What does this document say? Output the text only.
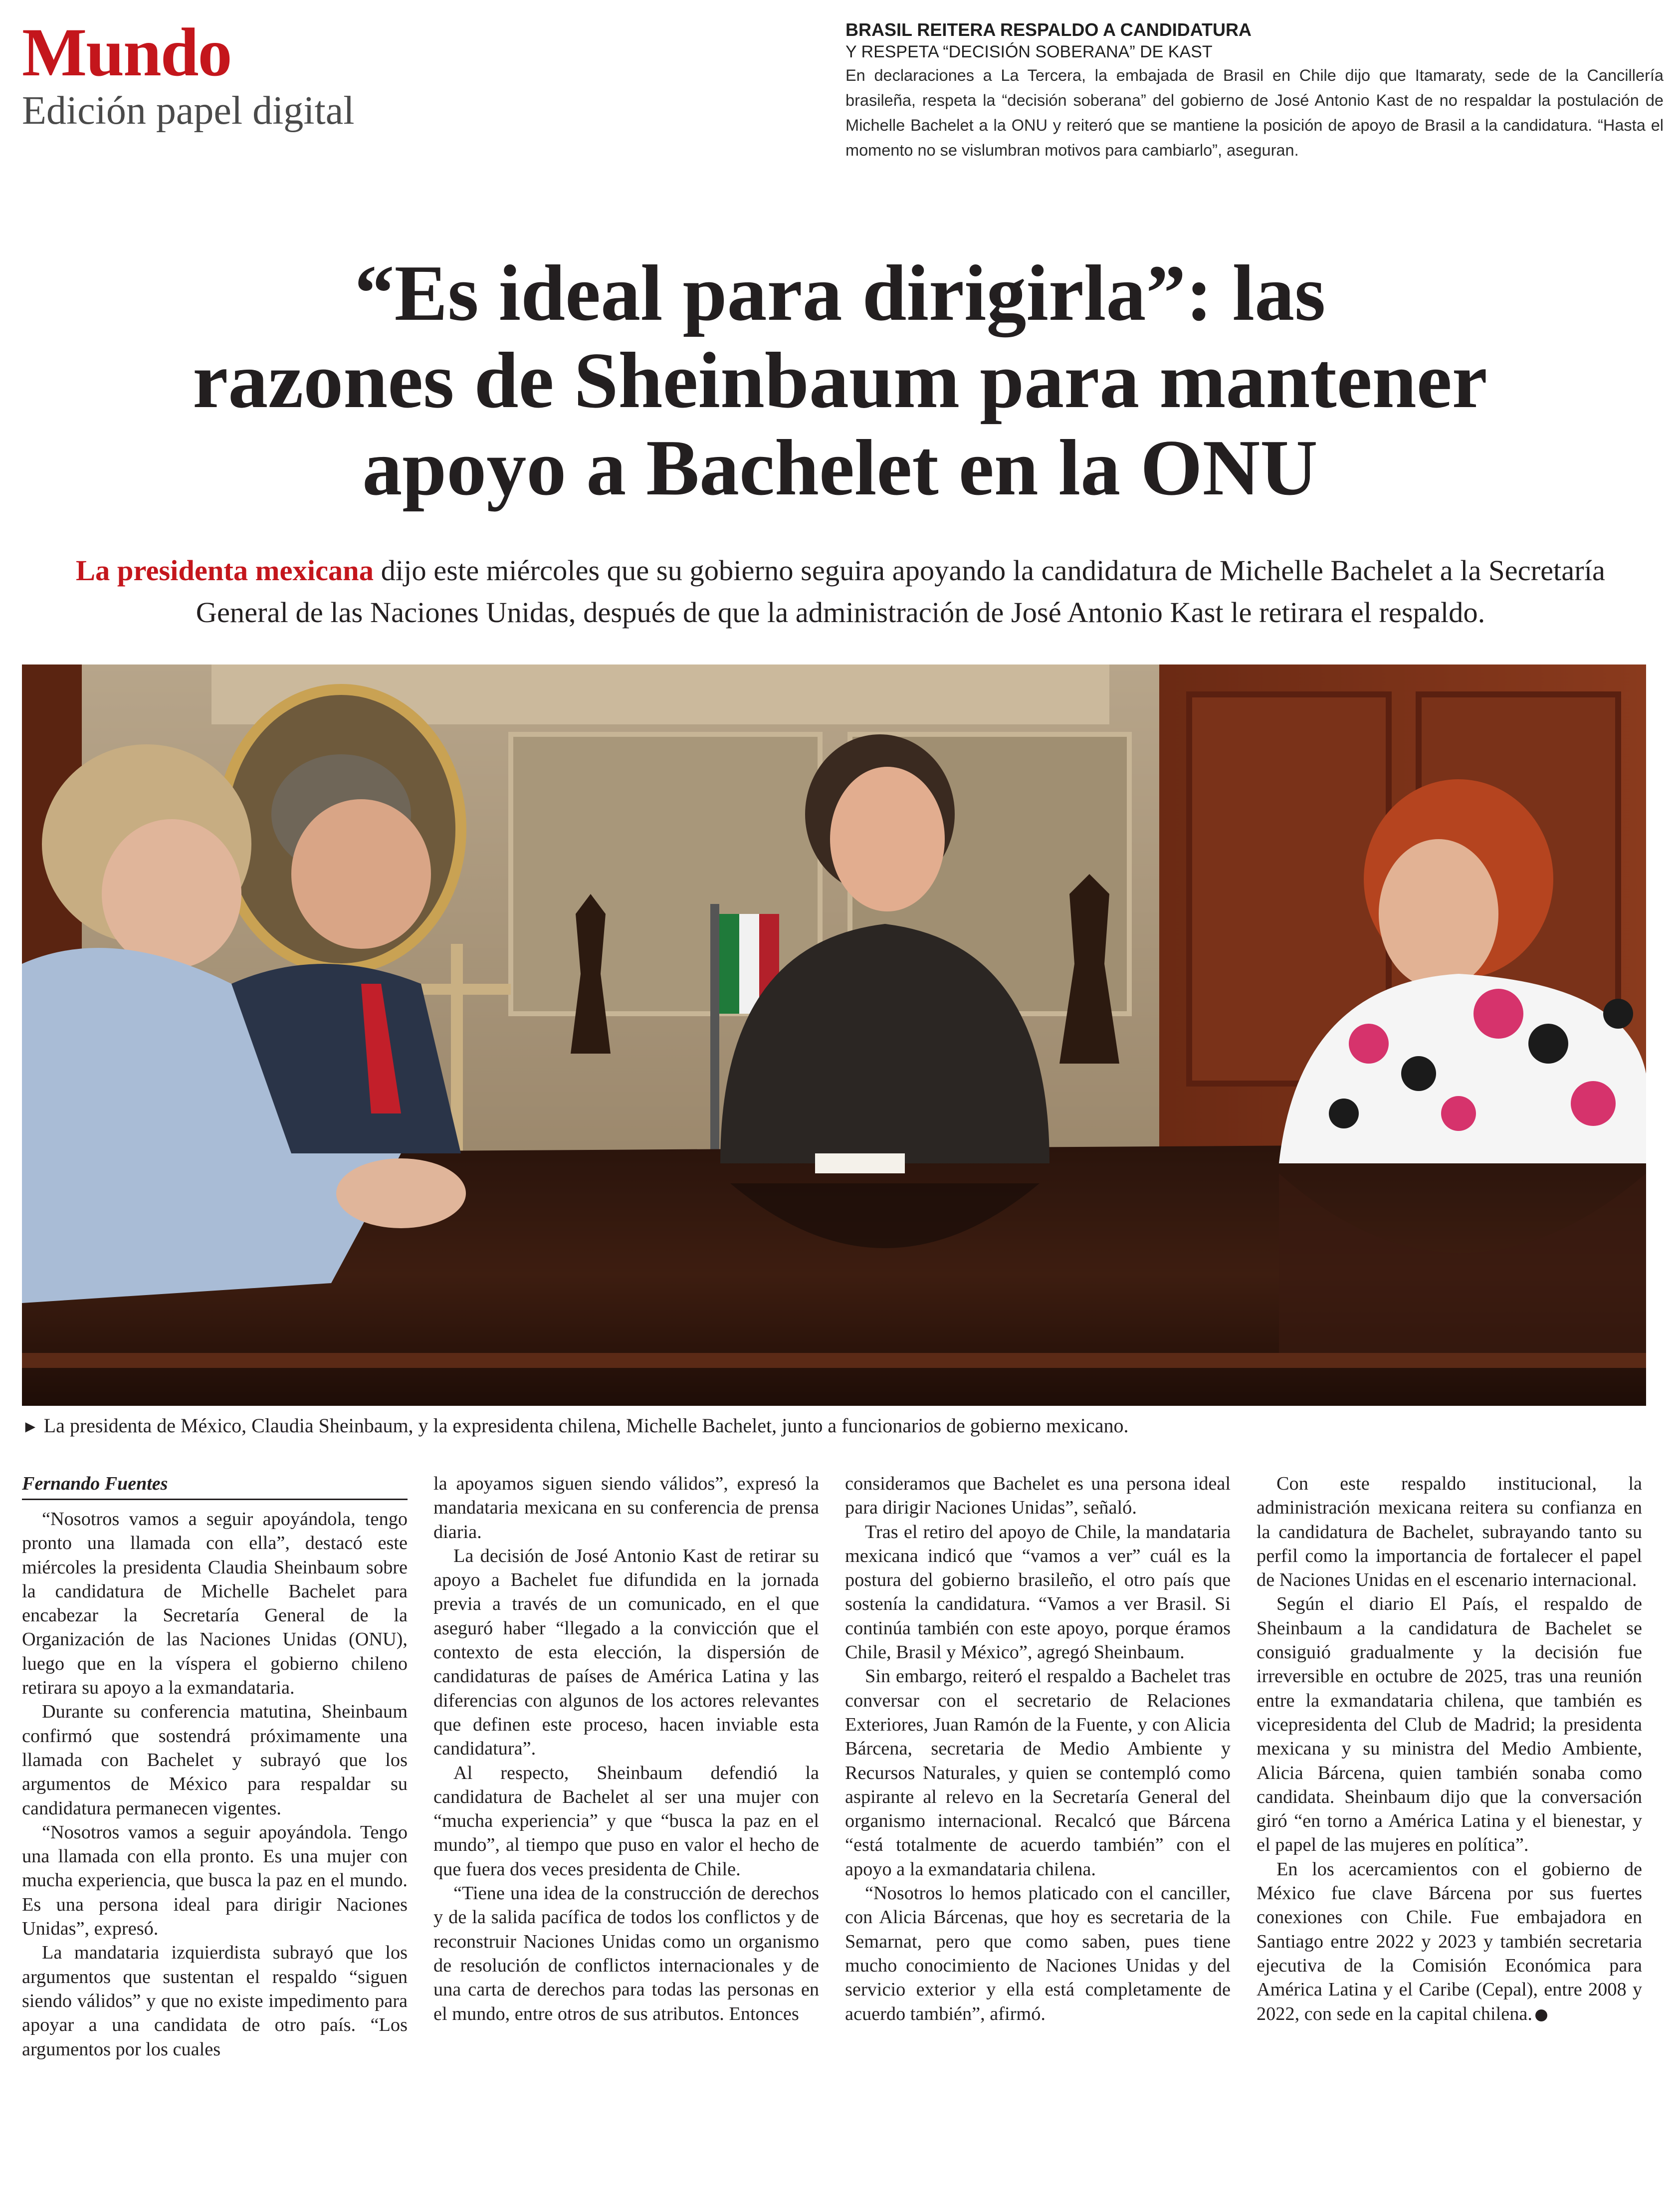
Mundo
Edición papel digital
BRASIL REITERA RESPALDO A CANDIDATURA
Y RESPETA “DECISIÓN SOBERANA” DE KAST
En declaraciones a La Tercera, la embajada de Brasil en Chile dijo que Itamaraty, sede de la Cancillería brasileña, respeta la “decisión soberana” del gobierno de José Antonio Kast de no respaldar la postulación de Michelle Bachelet a la ONU y reiteró que se mantiene la posición de apoyo de Brasil a la candidatura. “Hasta el momento no se vislumbran motivos para cambiarlo”, aseguran.
“Es ideal para dirigirla”: las
razones de Sheinbaum para mantener
apoyo a Bachelet en la ONU
La presidenta mexicana dijo este miércoles que su gobierno seguira apoyando la candidatura de Michelle Bachelet a la Secretaría General de las Naciones Unidas, después de que la administración de José Antonio Kast le retirara el respaldo.
► La presidenta de México, Claudia Sheinbaum, y la expresidenta chilena, Michelle Bachelet, junto a funcionarios de gobierno mexicano.
Fernando Fuentes

“Nosotros vamos a seguir apoyándola, tengo pronto una llamada con ella”, destacó este miércoles la presidenta Claudia Sheinbaum sobre la candidatura de Michelle Bachelet para encabezar la Secretaría General de la Organización de las Naciones Unidas (ONU), luego que en la víspera el gobierno chileno retirara su apoyo a la exmandataria.

Durante su conferencia matutina, Sheinbaum confirmó que sostendrá próximamente una llamada con Bachelet y subrayó que los argumentos de México para respaldar su candidatura permanecen vigentes.

“Nosotros vamos a seguir apoyándola. Tengo una llamada con ella pronto. Es una mujer con mucha experiencia, que busca la paz en el mundo. Es una persona ideal para dirigir Naciones Unidas”, expresó.

La mandataria izquierdista subrayó que los argumentos que sustentan el respaldo “siguen siendo válidos” y que no existe impedimento para apoyar a una candidata de otro país. “Los argumentos por los cuales

la apoyamos siguen siendo válidos”, expresó la mandataria mexicana en su conferencia de prensa diaria.

La decisión de José Antonio Kast de retirar su apoyo a Bachelet fue difundida en la jornada previa a través de un comunicado, en el que aseguró haber “llegado a la convicción que el contexto de esta elección, la dispersión de candidaturas de países de América Latina y las diferencias con algunos de los actores relevantes que definen este proceso, hacen inviable esta candidatura”.

Al respecto, Sheinbaum defendió la candidatura de Bachelet al ser una mujer con “mucha experiencia” y que “busca la paz en el mundo”, al tiempo que puso en valor el hecho de que fuera dos veces presidenta de Chile.

“Tiene una idea de la construcción de derechos y de la salida pacífica de todos los conflictos y de reconstruir Naciones Unidas como un organismo de resolución de conflictos internacionales y de una carta de derechos para todas las personas en el mundo, entre otros de sus atributos. Entonces

consideramos que Bachelet es una persona ideal para dirigir Naciones Unidas”, señaló.

Tras el retiro del apoyo de Chile, la mandataria mexicana indicó que “vamos a ver” cuál es la postura del gobierno brasileño, el otro país que sostenía la candidatura. “Vamos a ver Brasil. Si continúa también con este apoyo, porque éramos Chile, Brasil y México”, agregó Sheinbaum.

Sin embargo, reiteró el respaldo a Bachelet tras conversar con el secretario de Relaciones Exteriores, Juan Ramón de la Fuente, y con Alicia Bárcena, secretaria de Medio Ambiente y Recursos Naturales, y quien se contempló como aspirante al relevo en la Secretaría General del organismo internacional. Recalcó que Bárcena “está totalmente de acuerdo también” con el apoyo a la exmandataria chilena.

“Nosotros lo hemos platicado con el canciller, con Alicia Bárcenas, que hoy es secretaria de la Semarnat, pero que como saben, pues tiene mucho conocimiento de Naciones Unidas y del servicio exterior y ella está completamente de acuerdo también”, afirmó.

Con este respaldo institucional, la administración mexicana reitera su confianza en la candidatura de Bachelet, subrayando tanto su perfil como la importancia de fortalecer el papel de Naciones Unidas en el escenario internacional.

Según el diario El País, el respaldo de Sheinbaum a la candidatura de Bachelet se consiguió gradualmente y la decisión fue irreversible en octubre de 2025, tras una reunión entre la exmandataria chilena, que también es vicepresidenta del Club de Madrid; la presidenta mexicana y su ministra del Medio Ambiente, Alicia Bárcena, quien también sonaba como candidata. Sheinbaum dijo que la conversación giró “en torno a América Latina y el bienestar, y el papel de las mujeres en política”.

En los acercamientos con el gobierno de México fue clave Bárcena por sus fuertes conexiones con Chile. Fue embajadora en Santiago entre 2022 y 2023 y también secretaria ejecutiva de la Comisión Económica para América Latina y el Caribe (Cepal), entre 2008 y 2022, con sede en la capital chilena.
